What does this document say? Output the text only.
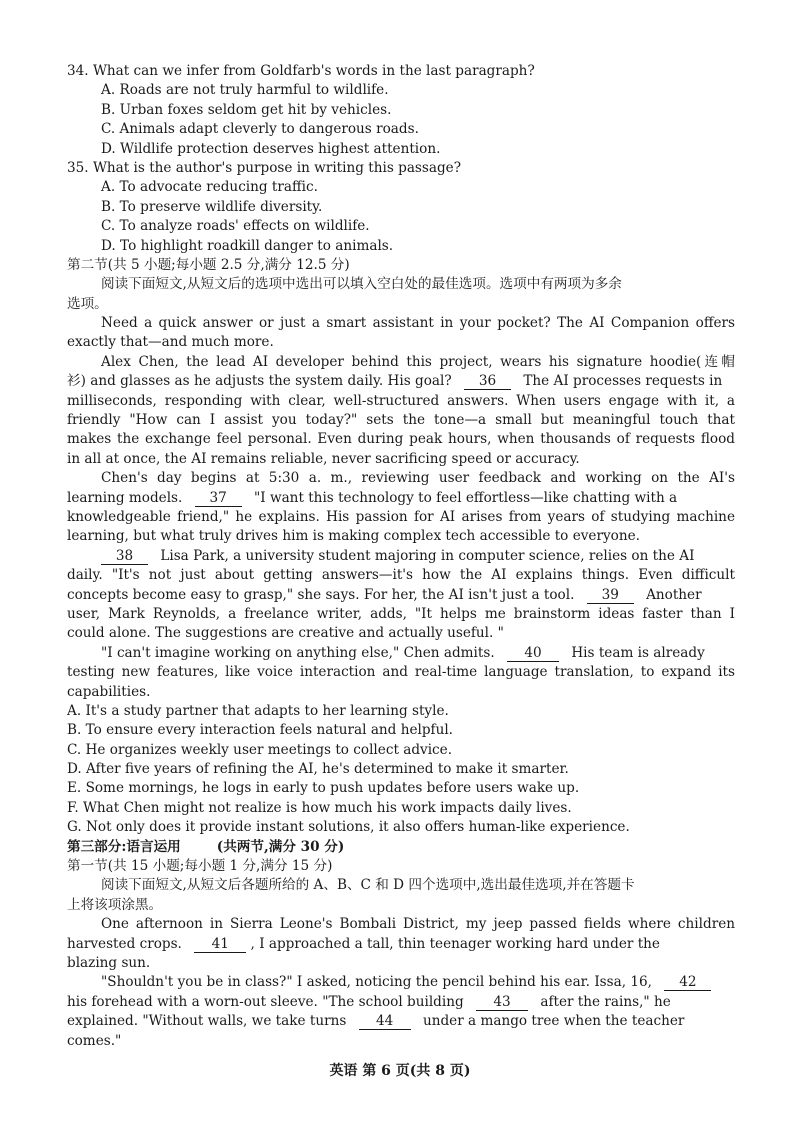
34. What can we infer from Goldfarb's words in the last paragraph?
A. Roads are not truly harmful to wildlife.
B. Urban foxes seldom get hit by vehicles.
C. Animals adapt cleverly to dangerous roads.
D. Wildlife protection deserves highest attention.
35. What is the author's purpose in writing this passage?
A. To advocate reducing traffic.
B. To preserve wildlife diversity.
C. To analyze roads' effects on wildlife.
D. To highlight roadkill danger to animals.
第二节(共 5 小题;每小题 2.5 分,满分 12.5 分)
阅读下面短文,从短文后的选项中选出可以填入空白处的最佳选项。选项中有两项为多余
选项。
Need a quick answer or just a smart assistant in your pocket? The AI Companion offers
exactly that—and much more.
Alex Chen, the lead AI developer behind this project, wears his signature hoodie(连帽
衫) and glasses as he adjusts the system daily. His goal? 36 The AI processes requests in
milliseconds, responding with clear, well-structured answers. When users engage with it, a
friendly "How can I assist you today?" sets the tone—a small but meaningful touch that
makes the exchange feel personal. Even during peak hours, when thousands of requests flood
in all at once, the AI remains reliable, never sacrificing speed or accuracy.
Chen's day begins at 5:30 a. m., reviewing user feedback and working on the AI's
learning models. 37 "I want this technology to feel effortless—like chatting with a
knowledgeable friend," he explains. His passion for AI arises from years of studying machine
learning, but what truly drives him is making complex tech accessible to everyone.
38 Lisa Park, a university student majoring in computer science, relies on the AI
daily. "It's not just about getting answers—it's how the AI explains things. Even difficult
concepts become easy to grasp," she says. For her, the AI isn't just a tool. 39 Another
user, Mark Reynolds, a freelance writer, adds, "It helps me brainstorm ideas faster than I
could alone. The suggestions are creative and actually useful. "
"I can't imagine working on anything else," Chen admits. 40 His team is already
testing new features, like voice interaction and real-time language translation, to expand its
capabilities.
A. It's a study partner that adapts to her learning style.
B. To ensure every interaction feels natural and helpful.
C. He organizes weekly user meetings to collect advice.
D. After five years of refining the AI, he's determined to make it smarter.
E. Some mornings, he logs in early to push updates before users wake up.
F. What Chen might not realize is how much his work impacts daily lives.
G. Not only does it provide instant solutions, it also offers human-like experience.
第三部分:语言运用	(共两节,满分 30 分)
第一节(共 15 小题;每小题 1 分,满分 15 分)
阅读下面短文,从短文后各题所给的 A、B、C 和 D 四个选项中,选出最佳选项,并在答题卡
上将该项涂黑。
One afternoon in Sierra Leone's Bombali District, my jeep passed fields where children
harvested crops. 41 , I approached a tall, thin teenager working hard under the
blazing sun.
"Shouldn't you be in class?" I asked, noticing the pencil behind his ear. Issa, 16, 42
his forehead with a worn-out sleeve. "The school building 43 after the rains," he
explained. "Without walls, we take turns 44 under a mango tree when the teacher
comes."
英语 第 6 页(共 8 页)
